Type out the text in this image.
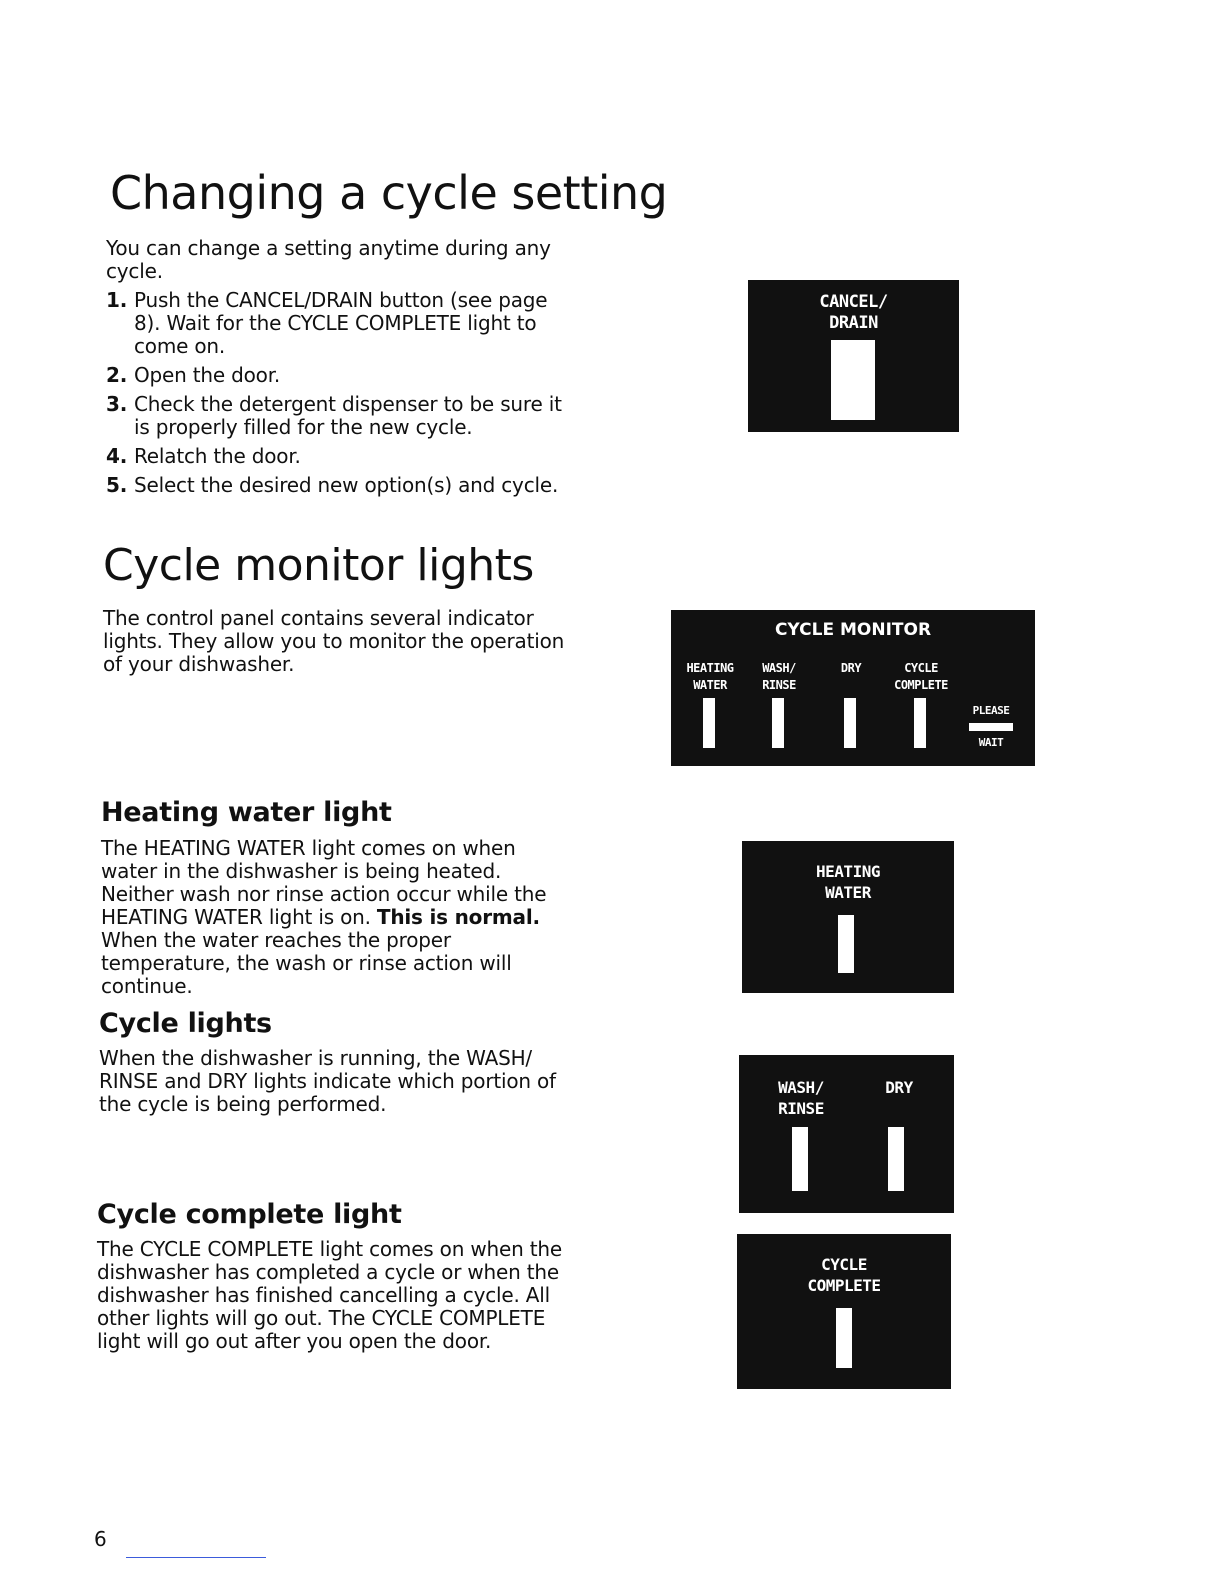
Changing a cycle setting
You can change a setting anytime during any cycle.
1. Push the CANCEL/DRAIN button (see page 8). Wait for the CYCLE COMPLETE light to come on.
2. Open the door.
3. Check the detergent dispenser to be sure it is properly filled for the new cycle.
4. Relatch the door.
5. Select the desired new option(s) and cycle.
CANCEL/
DRAIN
Cycle monitor lights
The control panel contains several indicator lights. They allow you to monitor the operation of your dishwasher.
CYCLE MONITOR
HEATING
WATER
WASH/
RINSE
DRY	CYCLE
COMPLETE
PLEASE
WAIT
Heating water light
The HEATING WATER light comes on when water in the dishwasher is being heated. Neither wash nor rinse action occur while the HEATING WATER light is on. This is normal. When the water reaches the proper temperature, the wash or rinse action will continue.
HEATING
WATER
Cycle lights
When the dishwasher is running, the WASH/ RINSE and DRY lights indicate which portion of the cycle is being performed.
WASH/
RINSE
DRY
Cycle complete light
The CYCLE COMPLETE light comes on when the dishwasher has completed a cycle or when the dishwasher has finished cancelling a cycle. All other lights will go out. The CYCLE COMPLETE light will go out after you open the door.
CYCLE
COMPLETE
6
